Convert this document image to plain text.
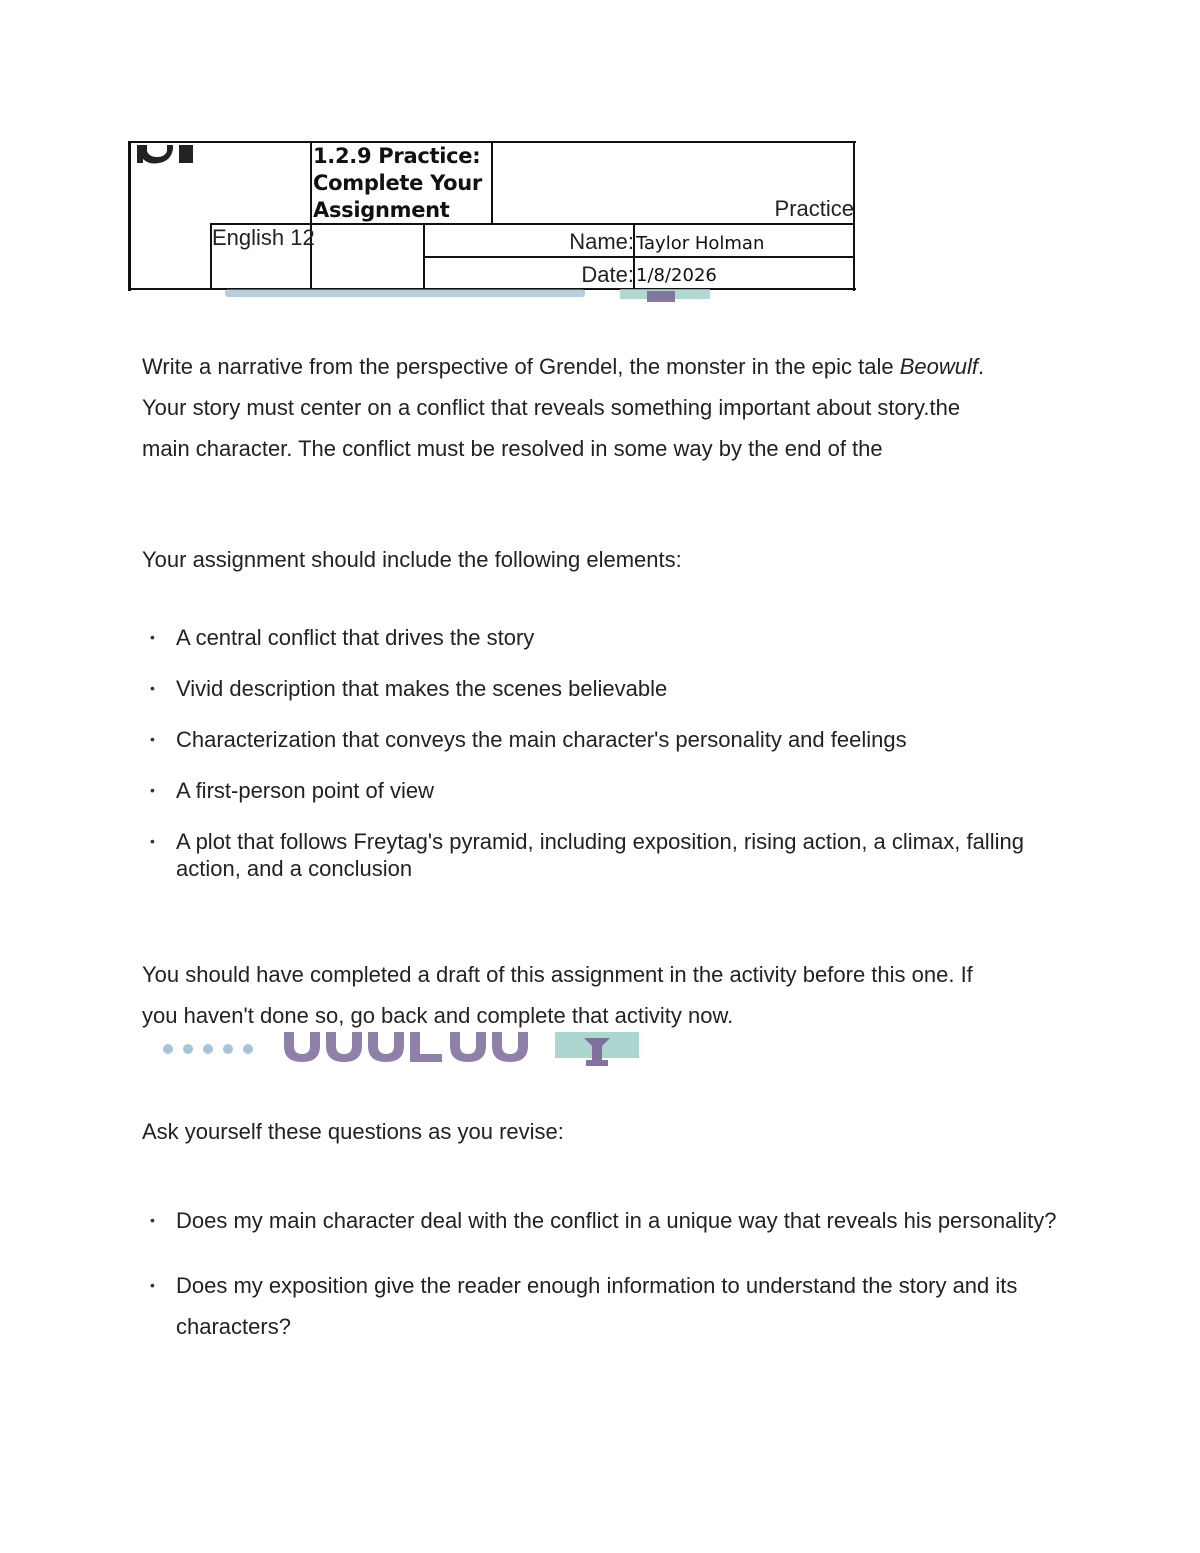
1.2.9 Practice:
Complete Your
Assignment	Practice
English 12	Name: Taylor Holman
Date: 1/8/2026
Write a narrative from the perspective of Grendel, the monster in the epic tale Beowulf.
Your story must center on a conflict that reveals something important about story.the
main character. The conflict must be resolved in some way by the end of the
Your assignment should include the following elements:
• A central conflict that drives the story
• Vivid description that makes the scenes believable
• Characterization that conveys the main character's personality and feelings
• A first-person point of view
• A plot that follows Freytag's pyramid, including exposition, rising action, a climax, falling action, and a conclusion
You should have completed a draft of this assignment in the activity before this one. If
you haven't done so, go back and complete that activity now.
Ask yourself these questions as you revise:
• Does my main character deal with the conflict in a unique way that reveals his personality?
• Does my exposition give the reader enough information to understand the story and its characters?
